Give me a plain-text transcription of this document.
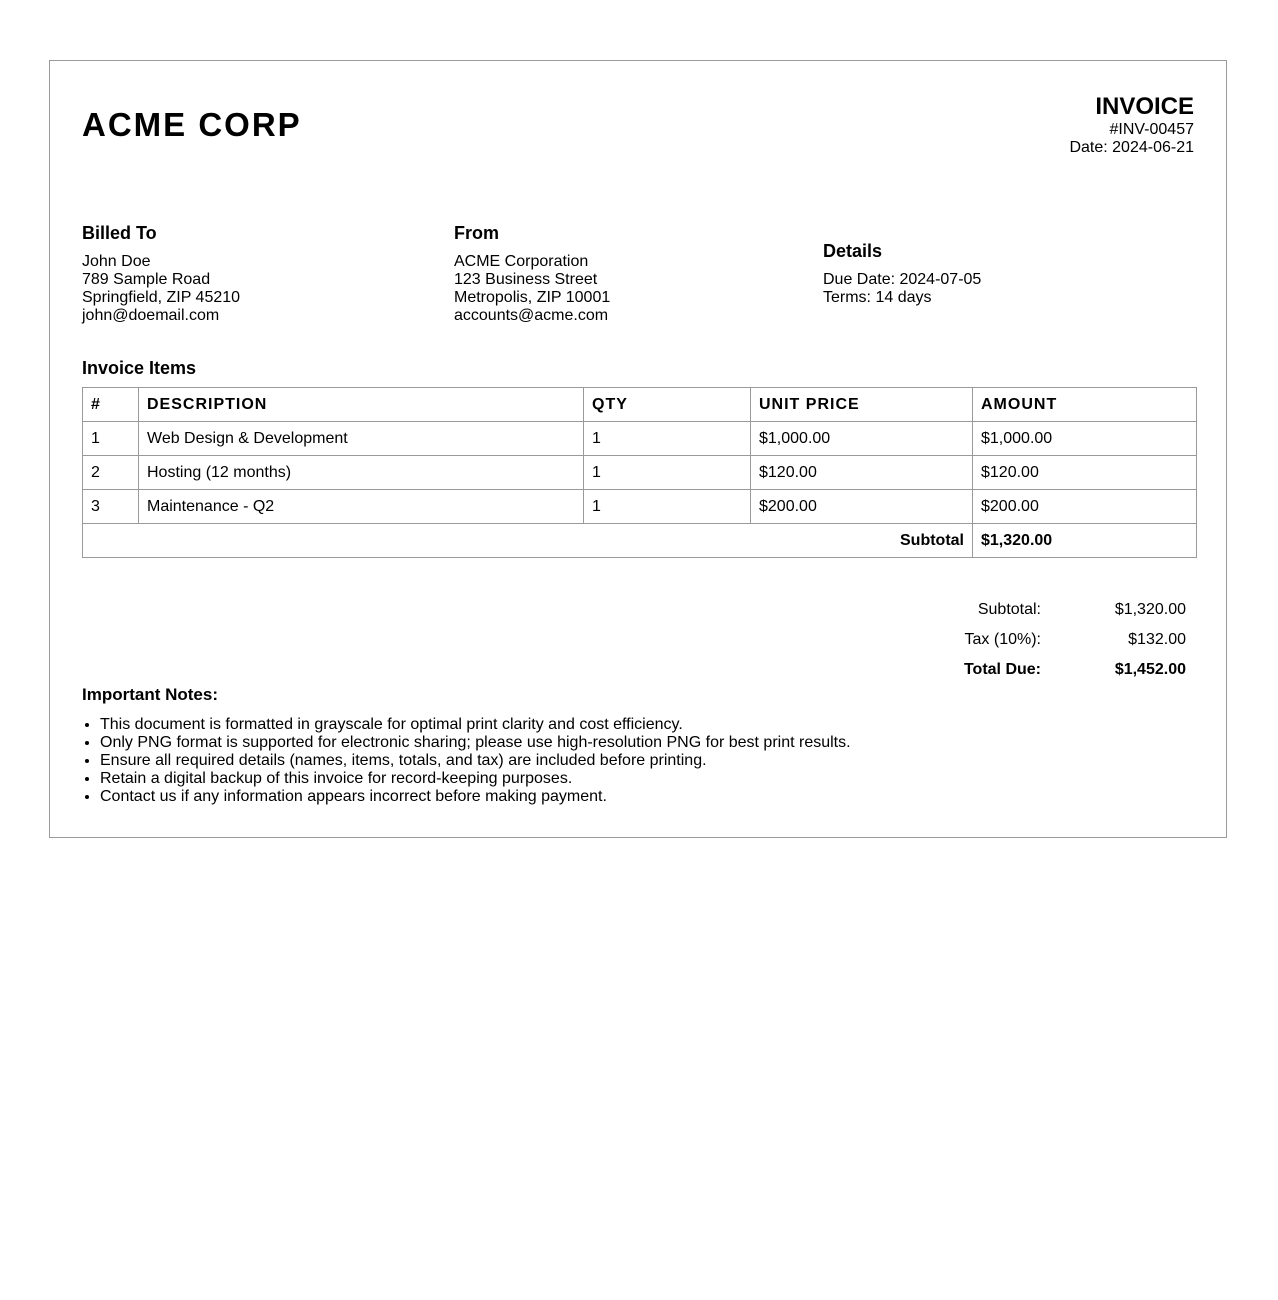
ACME CORP	INVOICE
#INV-00457
Date: 2024-06-21
Billed To
John Doe
789 Sample Road
Springfield, ZIP 45210
john@doemail.com
From
ACME Corporation
123 Business Street
Metropolis, ZIP 10001
accounts@acme.com
Details
Due Date: 2024-07-05
Terms: 14 days
Invoice Items
#	DESCRIPTION	QTY	UNIT PRICE	AMOUNT
1	Web Design & Development	1	$1,000.00	$1,000.00
2	Hosting (12 months)	1	$120.00	$120.00
3	Maintenance - Q2	1	$200.00	$200.00
Subtotal				$1,320.00
Subtotal:	$1,320.00
Tax (10%):	$132.00
Total Due:	$1,452.00
Important Notes:
• This document is formatted in grayscale for optimal print clarity and cost efficiency.
• Only PNG format is supported for electronic sharing; please use high-resolution PNG for best print results.
• Ensure all required details (names, items, totals, and tax) are included before printing.
• Retain a digital backup of this invoice for record-keeping purposes.
• Contact us if any information appears incorrect before making payment.
